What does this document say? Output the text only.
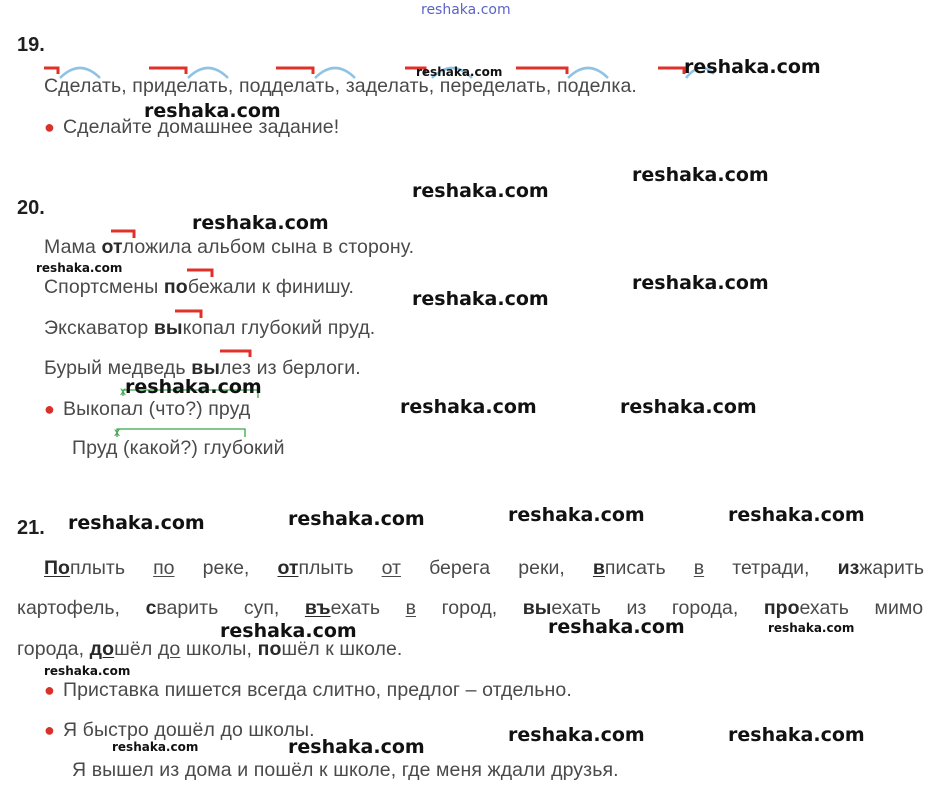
reshaka.com
19.
Сделать, приделать, подделать, заделать, переделать, поделка.
● Сделайте домашнее задание!
x
x
20.
Мама отложила альбом сына в сторону.
Спортсмены побежали к финишу.
Экскаватор выкопал глубокий пруд.
Бурый медведь вылез из берлоги.
● Выкопал (что?) пруд
Пруд (какой?) глубокий
21.
Поплыть по реке, отплыть от берега реки, вписать в тетради, изжарить
картофель, сварить суп, въехать в город, выехать из города, проехать мимо
города, дошёл до школы, пошёл к школе.
● Приставка пишется всегда слитно, предлог – отдельно.
● Я быстро дошёл до школы.
Я вышел из дома и пошёл к школе, где меня ждали друзья.
reshaka.com	reshaka.com
reshaka.com
reshaka.com
reshaka.com
reshaka.com
reshaka.com
reshaka.com
reshaka.com
reshaka.com
reshaka.com	reshaka.com
reshaka.com	reshaka.com
reshaka.com
reshaka.com
reshaka.com
reshaka.com	reshaka.com
reshaka.com
reshaka.com	reshaka.com
reshaka.com
reshaka.com
